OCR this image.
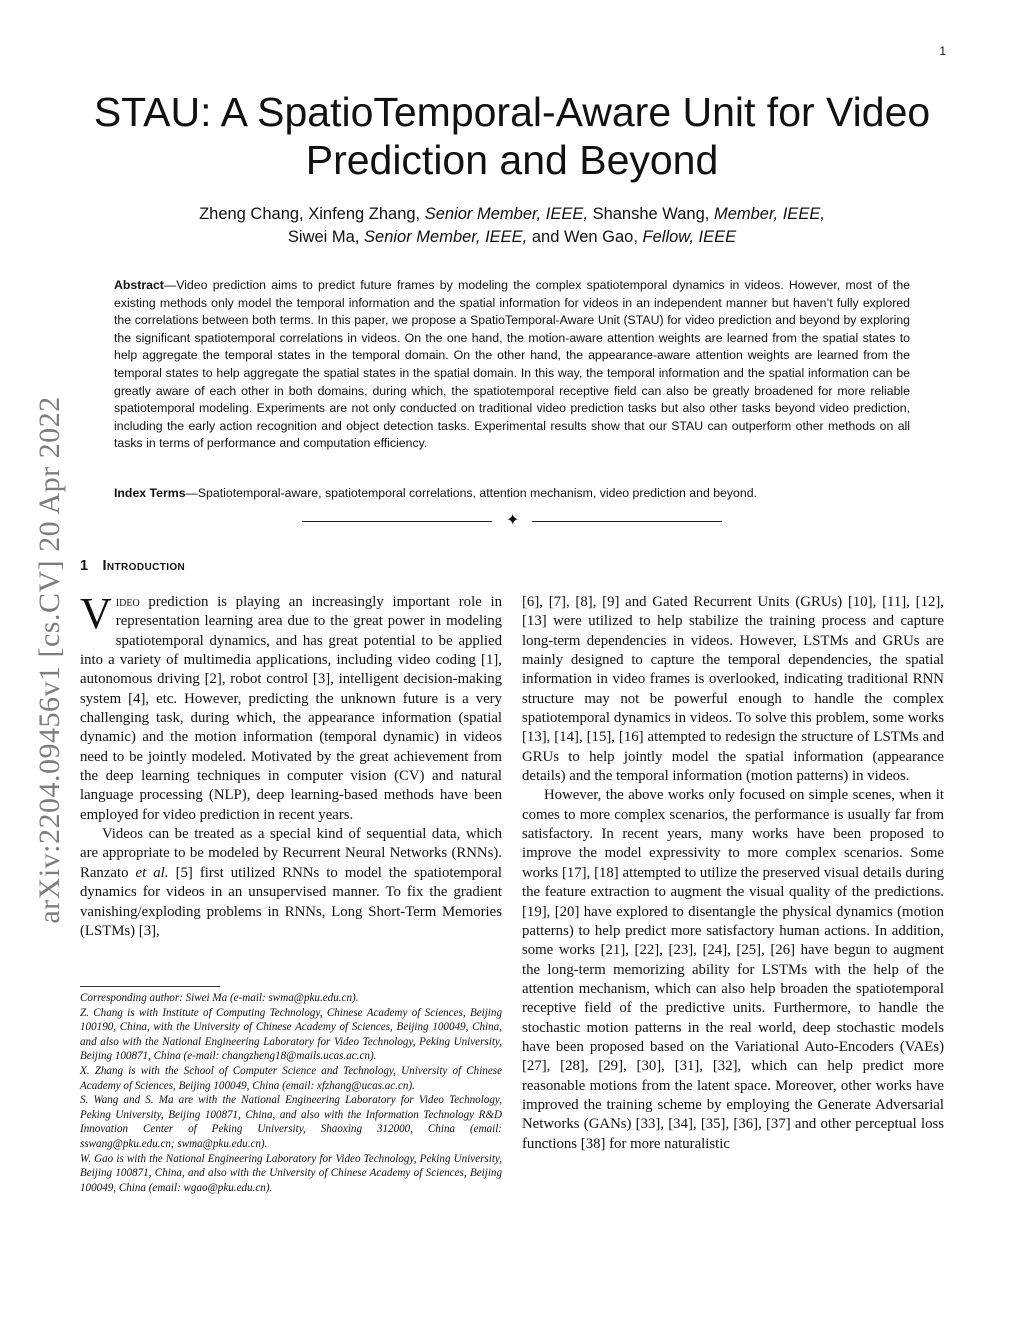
1
arXiv:2204.09456v1 [cs.CV] 20 Apr 2022
STAU: A SpatioTemporal-Aware Unit for Video Prediction and Beyond
Zheng Chang, Xinfeng Zhang, Senior Member, IEEE, Shanshe Wang, Member, IEEE,
Siwei Ma, Senior Member, IEEE, and Wen Gao, Fellow, IEEE

Abstract—Video prediction aims to predict future frames by modeling the complex spatiotemporal dynamics in videos. However, most of the existing methods only model the temporal information and the spatial information for videos in an independent manner but haven’t fully explored the correlations between both terms. In this paper, we propose a SpatioTemporal-Aware Unit (STAU) for video prediction and beyond by exploring the significant spatiotemporal correlations in videos. On the one hand, the motion-aware attention weights are learned from the spatial states to help aggregate the temporal states in the temporal domain. On the other hand, the appearance-aware attention weights are learned from the temporal states to help aggregate the spatial states in the spatial domain. In this way, the temporal information and the spatial information can be greatly aware of each other in both domains, during which, the spatiotemporal receptive field can also be greatly broadened for more reliable spatiotemporal modeling. Experiments are not only conducted on traditional video prediction tasks but also other tasks beyond video prediction, including the early action recognition and object detection tasks. Experimental results show that our STAU can outperform other methods on all tasks in terms of performance and computation efficiency.

Index Terms—Spatiotemporal-aware, spatiotemporal correlations, attention mechanism, video prediction and beyond.

✦
1 Introduction

Video prediction is playing an increasingly important role in representation learning area due to the great power in modeling spatiotemporal dynamics, and has great potential to be applied into a variety of multimedia applications, including video coding [1], autonomous driving [2], robot control [3], intelligent decision-making system [4], etc. However, predicting the unknown future is a very challenging task, during which, the appearance information (spatial dynamic) and the motion information (temporal dynamic) in videos need to be jointly modeled. Motivated by the great achievement from the deep learning techniques in computer vision (CV) and natural language processing (NLP), deep learning-based methods have been employed for video prediction in recent years.

Videos can be treated as a special kind of sequential data, which are appropriate to be modeled by Recurrent Neural Networks (RNNs). Ranzato et al. [5] first utilized RNNs to model the spatiotemporal dynamics for videos in an unsupervised manner. To fix the gradient vanishing/exploding problems in RNNs, Long Short-Term Memories (LSTMs) [3],

Corresponding author: Siwei Ma (e-mail: swma@pku.edu.cn).

Z. Chang is with Institute of Computing Technology, Chinese Academy of Sciences, Beijing 100190, China, with the University of Chinese Academy of Sciences, Beijing 100049, China, and also with the National Engineering Laboratory for Video Technology, Peking University, Beijing 100871, China (e-mail: changzheng18@mails.ucas.ac.cn).

X. Zhang is with the School of Computer Science and Technology, University of Chinese Academy of Sciences, Beijing 100049, China (email: xfzhang@ucas.ac.cn).

S. Wang and S. Ma are with the National Engineering Laboratory for Video Technology, Peking University, Beijing 100871, China, and also with the Information Technology R&D Innovation Center of Peking University, Shaoxing 312000, China (email: sswang@pku.edu.cn; swma@pku.edu.cn).

W. Gao is with the National Engineering Laboratory for Video Technology, Peking University, Beijing 100871, China, and also with the University of Chinese Academy of Sciences, Beijing 100049, China (email: wgao@pku.edu.cn).

[6], [7], [8], [9] and Gated Recurrent Units (GRUs) [10], [11], [12], [13] were utilized to help stabilize the training process and capture long-term dependencies in videos. However, LSTMs and GRUs are mainly designed to capture the temporal dependencies, the spatial information in video frames is overlooked, indicating traditional RNN structure may not be powerful enough to handle the complex spatiotemporal dynamics in videos. To solve this problem, some works [13], [14], [15], [16] attempted to redesign the structure of LSTMs and GRUs to help jointly model the spatial information (appearance details) and the temporal information (motion patterns) in videos.

However, the above works only focused on simple scenes, when it comes to more complex scenarios, the performance is usually far from satisfactory. In recent years, many works have been proposed to improve the model expressivity to more complex scenarios. Some works [17], [18] attempted to utilize the preserved visual details during the feature extraction to augment the visual quality of the predictions. [19], [20] have explored to disentangle the physical dynamics (motion patterns) to help predict more satisfactory human actions. In addition, some works [21], [22], [23], [24], [25], [26] have begun to augment the long-term memorizing ability for LSTMs with the help of the attention mechanism, which can also help broaden the spatiotemporal receptive field of the predictive units. Furthermore, to handle the stochastic motion patterns in the real world, deep stochastic models have been proposed based on the Variational Auto-Encoders (VAEs) [27], [28], [29], [30], [31], [32], which can help predict more reasonable motions from the latent space. Moreover, other works have improved the training scheme by employing the Generate Adversarial Networks (GANs) [33], [34], [35], [36], [37] and other perceptual loss functions [38] for more naturalistic
